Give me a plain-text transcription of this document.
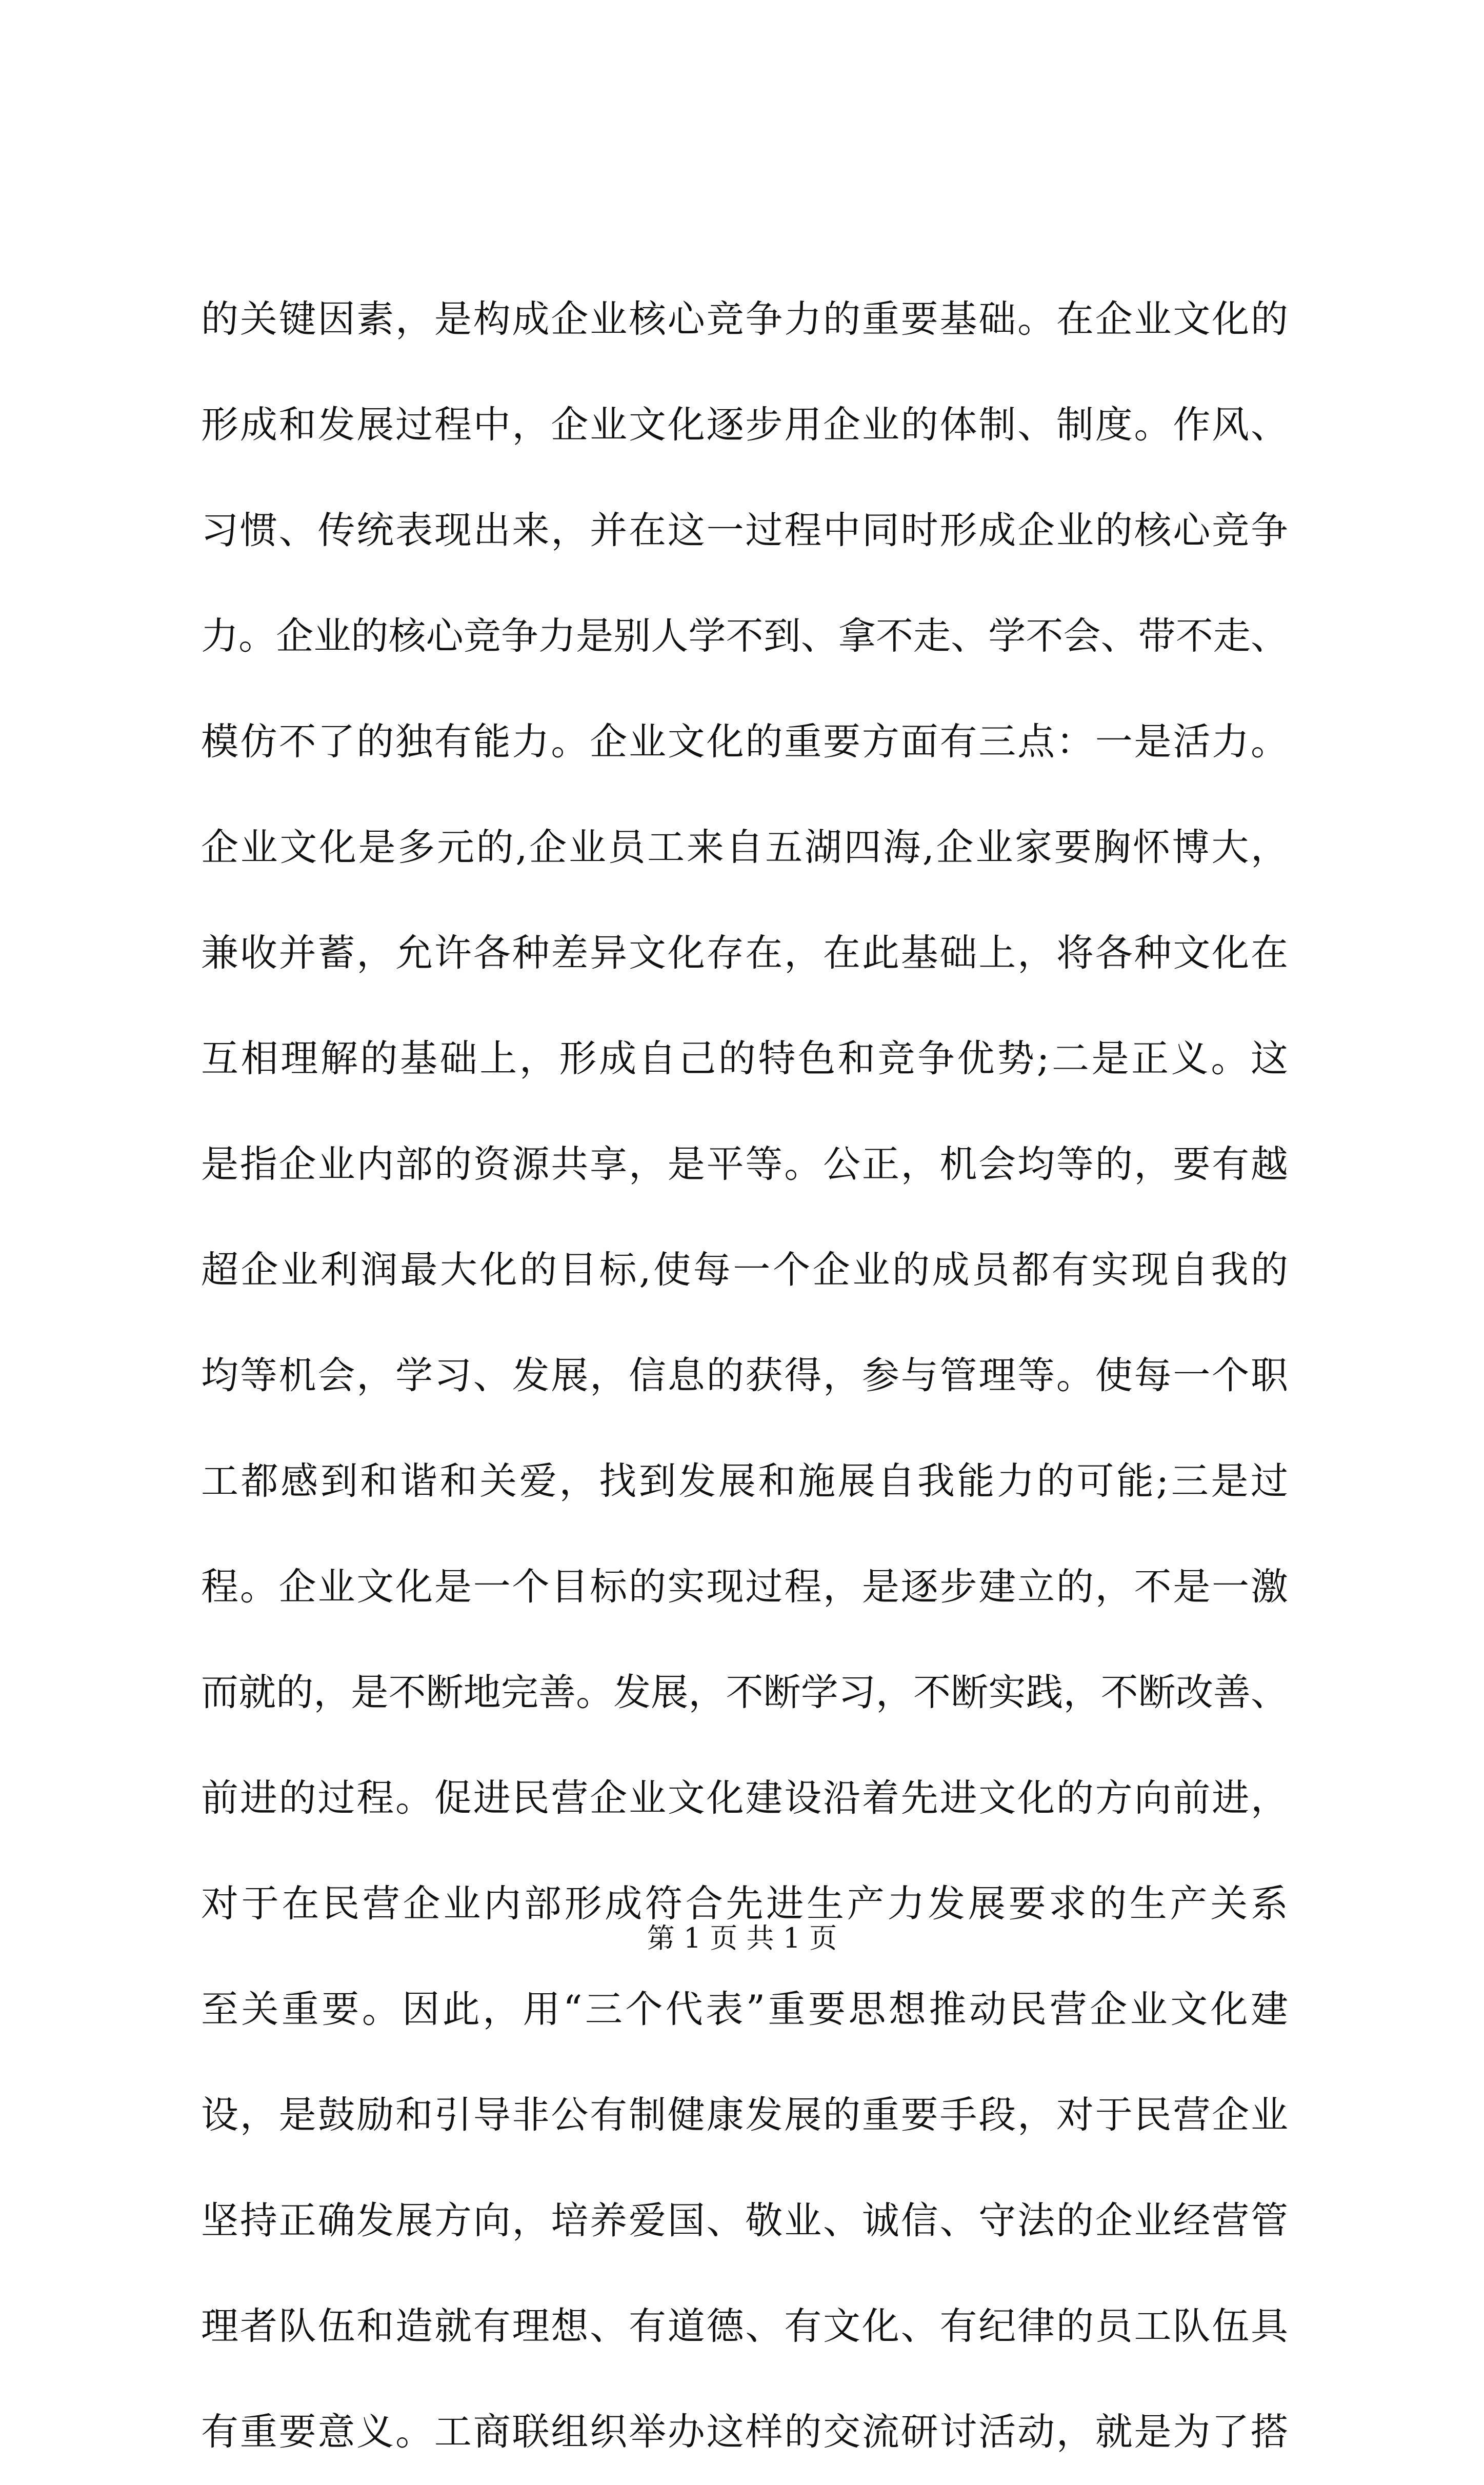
的关键因素，是构成企业核心竞争力的重要基础。在企业文化的
形成和发展过程中，企业文化逐步用企业的体制、制度。作风、
习惯、传统表现出来，并在这一过程中同时形成企业的核心竞争
力。企业的核心竞争力是别人学不到、拿不走、学不会、带不走、
模仿不了的独有能力。企业文化的重要方面有三点：一是活力。
企业文化是多元的,企业员工来自五湖四海,企业家要胸怀博大，
兼收并蓄，允许各种差异文化存在，在此基础上，将各种文化在
互相理解的基础上，形成自己的特色和竞争优势;二是正义。这
是指企业内部的资源共享，是平等。公正，机会均等的，要有越
超企业利润最大化的目标,使每一个企业的成员都有实现自我的
均等机会，学习、发展，信息的获得，参与管理等。使每一个职
工都感到和谐和关爱，找到发展和施展自我能力的可能;三是过
程。企业文化是一个目标的实现过程，是逐步建立的，不是一激
而就的，是不断地完善。发展，不断学习，不断实践，不断改善、
前进的过程。促进民营企业文化建设沿着先进文化的方向前进，
对于在民营企业内部形成符合先进生产力发展要求的生产关系
至关重要。因此，用“三个代表”重要思想推动民营企业文化建
设，是鼓励和引导非公有制健康发展的重要手段，对于民营企业
坚持正确发展方向，培养爱国、敬业、诚信、守法的企业经营管
理者队伍和造就有理想、有道德、有文化、有纪律的员工队伍具
有重要意义。工商联组织举办这样的交流研讨活动，就是为了搭
第 1 页 共 1 页
